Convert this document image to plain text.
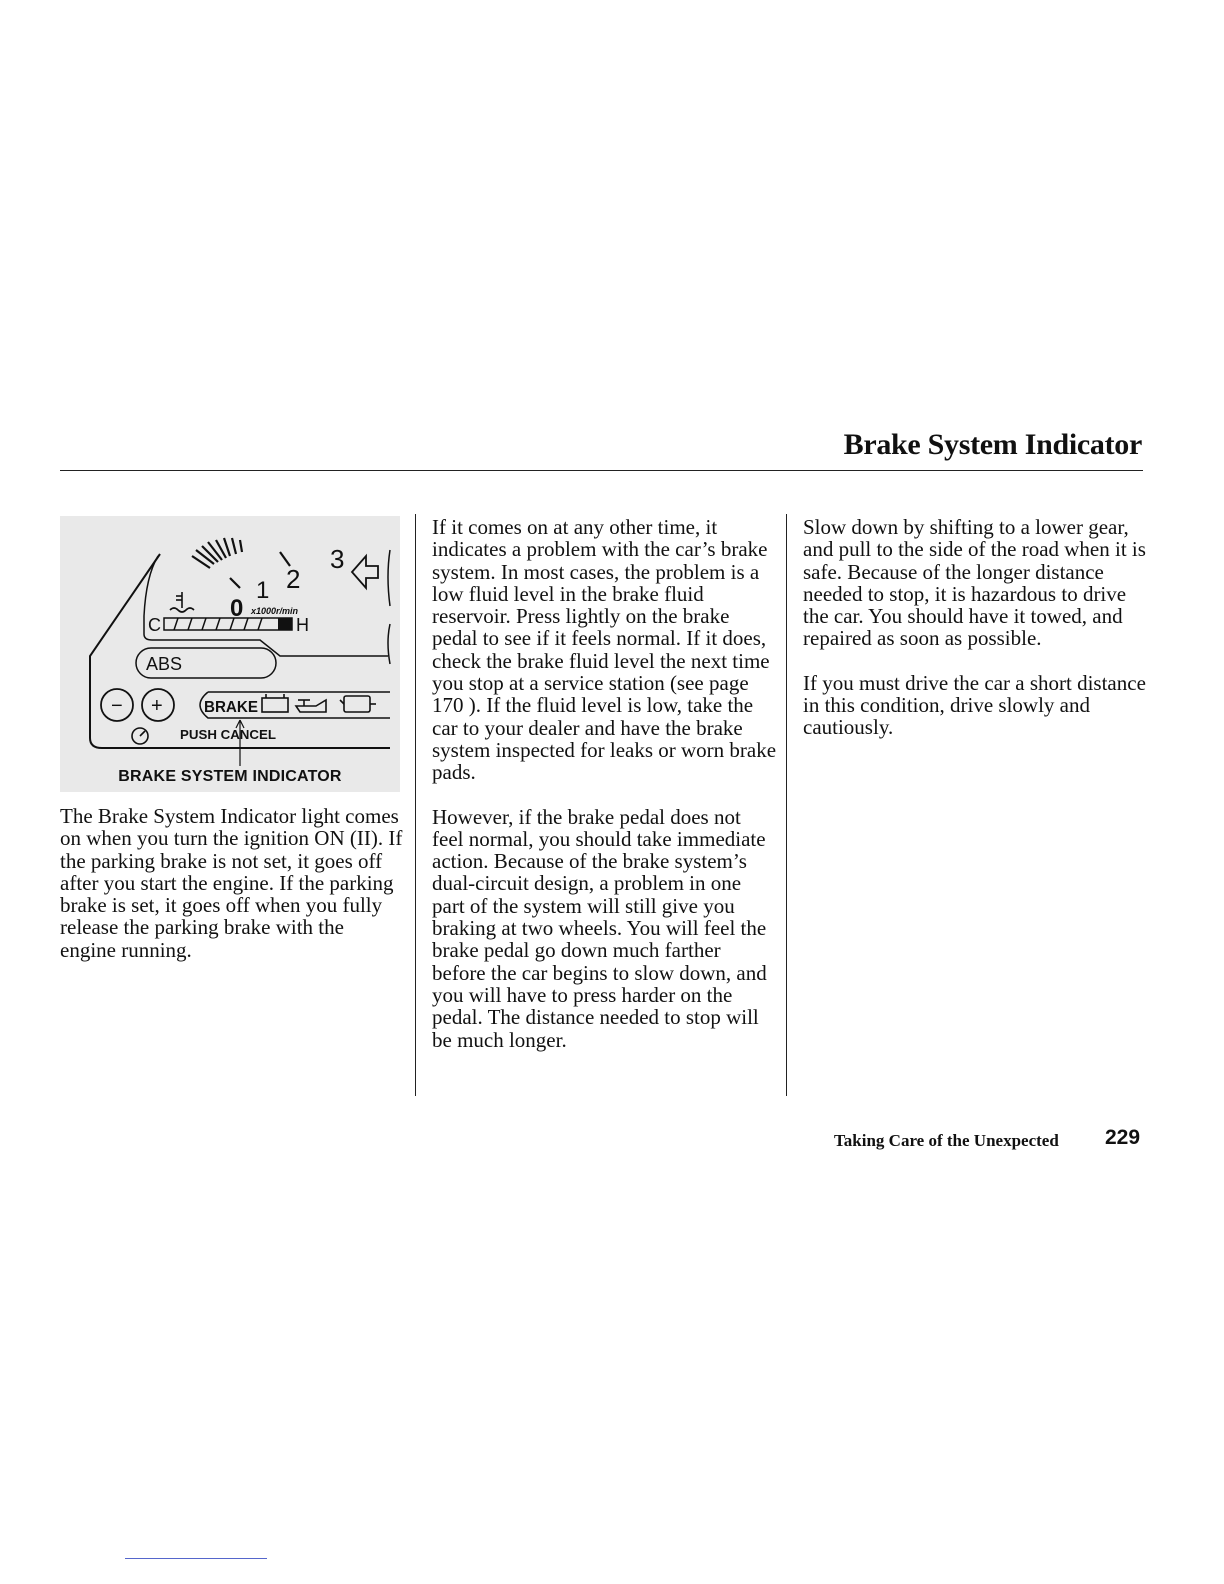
Brake System Indicator
3
2
1
0 x1000r/min
C	H
ABS
− +	BRAKE
PUSH CANCEL
BRAKE SYSTEM INDICATOR

The Brake System Indicator light comes on when you turn the ignition ON (II). If the parking brake is not set, it goes off after you start the engine. If the parking brake is set, it goes off when you fully release the parking brake with the engine running.

If it comes on at any other time, it indicates a problem with the car’s brake system. In most cases, the problem is a low fluid level in the brake fluid reservoir. Press lightly on the brake pedal to see if it feels normal. If it does, check the brake fluid level the next time you stop at a service station (see page 170 ). If the fluid level is low, take the car to your dealer and have the brake system inspected for leaks or worn brake pads.

However, if the brake pedal does not feel normal, you should take immediate action. Because of the brake system’s dual-circuit design, a problem in one part of the system will still give you braking at two wheels. You will feel the brake pedal go down much farther before the car begins to slow down, and you will have to press harder on the pedal. The distance needed to stop will be much longer.

Slow down by shifting to a lower gear, and pull to the side of the road when it is safe. Because of the longer distance needed to stop, it is hazardous to drive the car. You should have it towed, and repaired as soon as possible.

If you must drive the car a short distance in this condition, drive slowly and cautiously.

Taking Care of the Unexpected 229
